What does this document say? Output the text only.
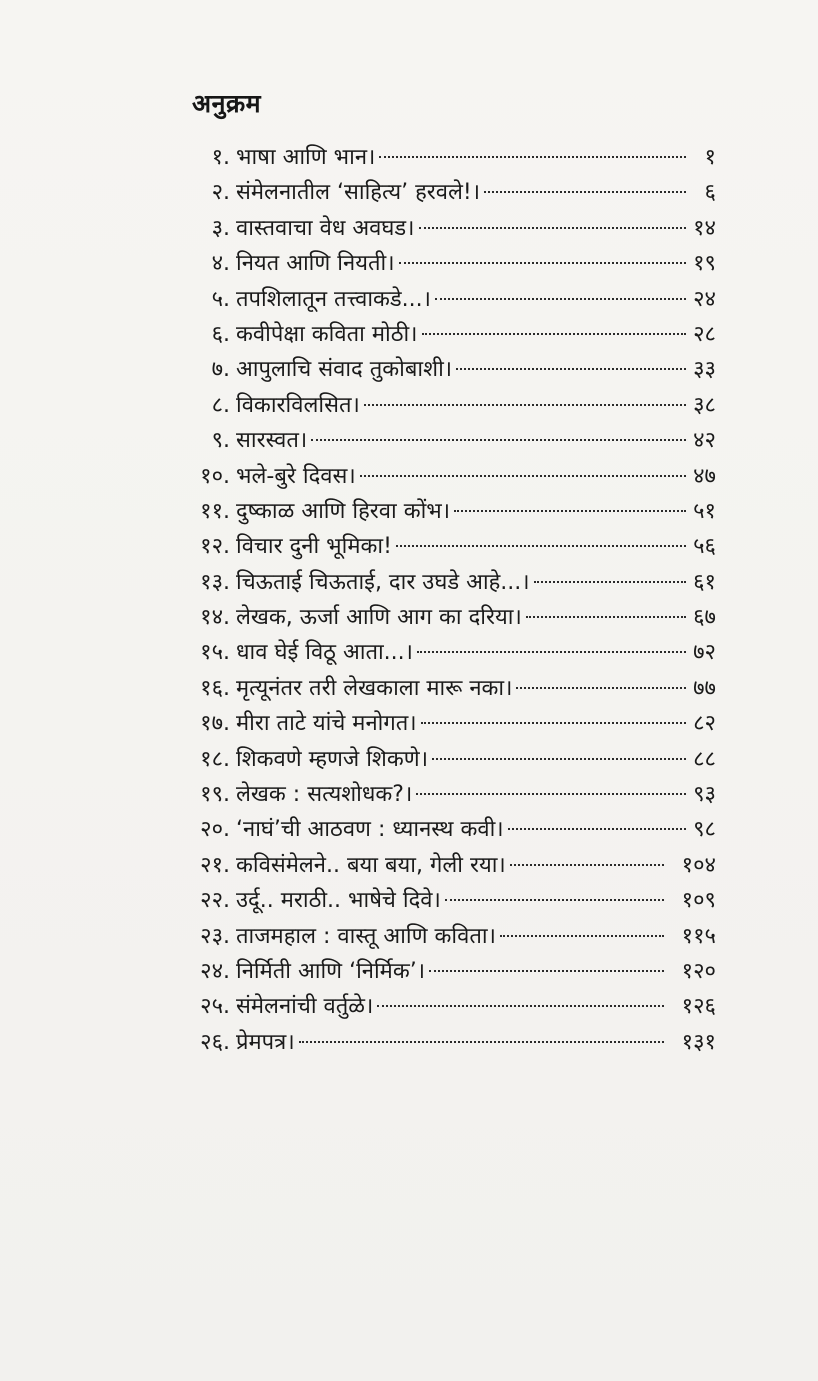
अनुक्रम
१. भाषा आणि भान।	१
२. संमेलनातील ‘साहित्य’ हरवले!।	६
३. वास्तवाचा वेध अवघड।	१४
४. नियत आणि नियती।	१९
५. तपशिलातून तत्त्वाकडे...।	२४
६. कवीपेक्षा कविता मोठी।	२८
७. आपुलाचि संवाद तुकोबाशी।	३३
८. विकारविलसित।	३८
९. सारस्वत।	४२
१०. भले-बुरे दिवस।	४७
११. दुष्काळ आणि हिरवा कोंभ।	५१
१२. विचार दुनी भूमिका!	५६
१३. चिऊताई चिऊताई, दार उघडे आहे...।	६१
१४. लेखक, ऊर्जा आणि आग का दरिया।	६७
१५. धाव घेई विठू आता...।	७२
१६. मृत्यूनंतर तरी लेखकाला मारू नका।	७७
१७. मीरा ताटे यांचे मनोगत।	८२
१८. शिकवणे म्हणजे शिकणे।	८८
१९. लेखक : सत्यशोधक?।	९३
२०. ‘नाघं’ची आठवण : ध्यानस्थ कवी।	९८
२१. कविसंमेलने.. बया बया, गेली रया।	१०४
२२. उर्दू.. मराठी.. भाषेचे दिवे।	१०९
२३. ताजमहाल : वास्तू आणि कविता।	११५
२४. निर्मिती आणि ‘निर्मिक’।	१२०
२५. संमेलनांची वर्तुळे।	१२६
२६. प्रेमपत्र।	१३१
